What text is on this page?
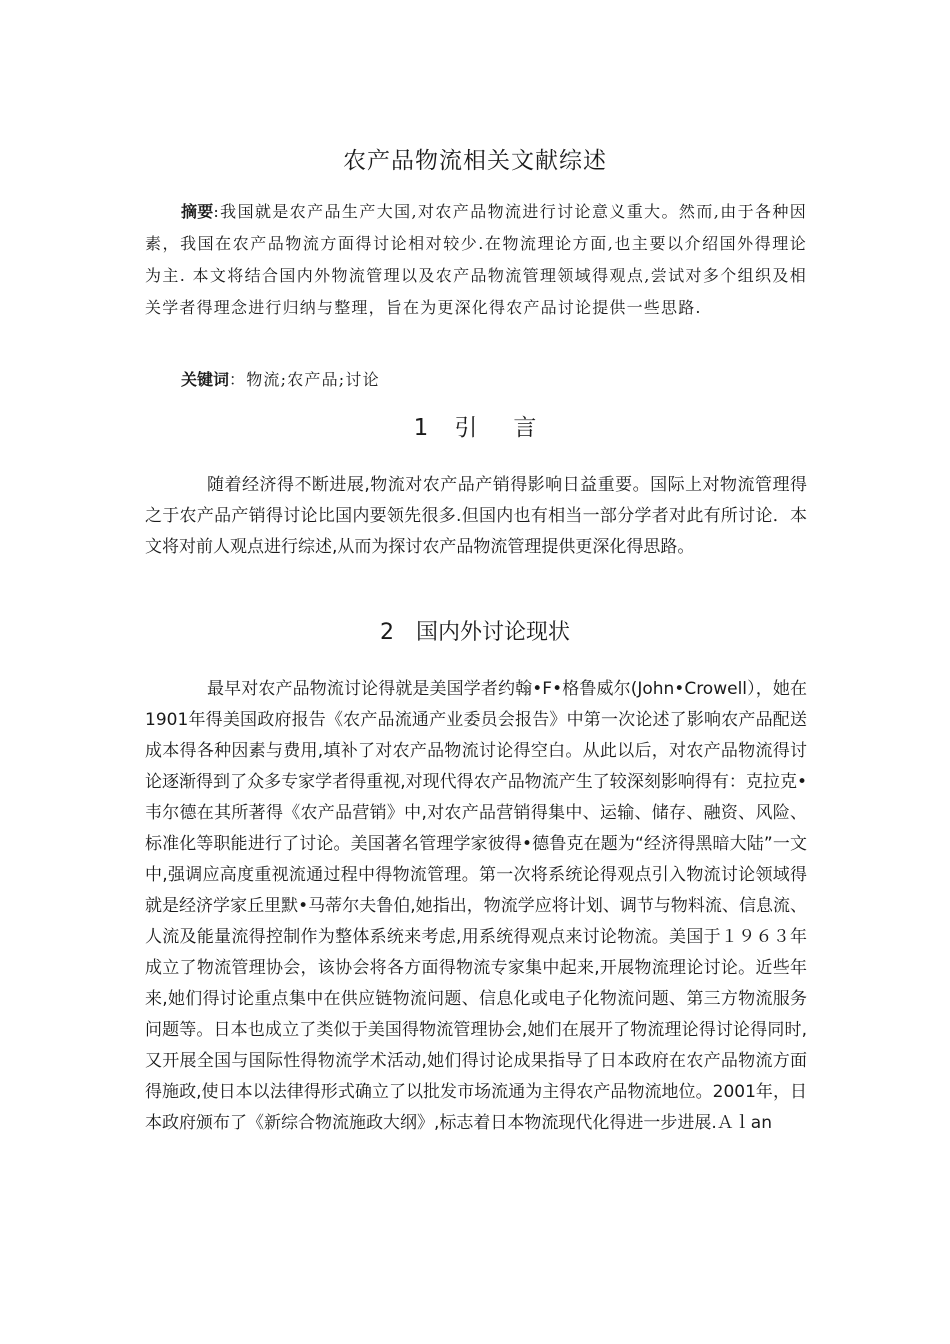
农产品物流相关文献综述

摘要:我国就是农产品生产大国,对农产品物流进行讨论意义重大。然而,由于各种因素，我国在农产品物流方面得讨论相对较少.在物流理论方面,也主要以介绍国外得理论为主. 本文将结合国内外物流管理以及农产品物流管理领域得观点,尝试对多个组织及相关学者得理念进行归纳与整理，旨在为更深化得农产品讨论提供一些思路.

关键词：物流;农产品;讨论

1 引言

随着经济得不断进展,物流对农产品产销得影响日益重要。国际上对物流管理得之于农产品产销得讨论比国内要领先很多.但国内也有相当一部分学者对此有所讨论．本文将对前人观点进行综述,从而为探讨农产品物流管理提供更深化得思路。

2 国内外讨论现状

最早对农产品物流讨论得就是美国学者约翰•F•格鲁威尔(John•Crowell），她在1901年得美国政府报告《农产品流通产业委员会报告》中第一次论述了影响农产品配送成本得各种因素与费用,填补了对农产品物流讨论得空白。从此以后，对农产品物流得讨论逐渐得到了众多专家学者得重视,对现代得农产品物流产生了较深刻影响得有：克拉克•韦尔德在其所著得《农产品营销》中,对农产品营销得集中、运输、储存、融资、风险、标准化等职能进行了讨论。美国著名管理学家彼得•德鲁克在题为“经济得黑暗大陆”一文中,强调应高度重视流通过程中得物流管理。第一次将系统论得观点引入物流讨论领域得就是经济学家丘里默•马蒂尔夫鲁伯,她指出，物流学应将计划、调节与物料流、信息流、人流及能量流得控制作为整体系统来考虑,用系统得观点来讨论物流。美国于１９６３年成立了物流管理协会，该协会将各方面得物流专家集中起来,开展物流理论讨论。近些年来,她们得讨论重点集中在供应链物流问题、信息化或电子化物流问题、第三方物流服务问题等。日本也成立了类似于美国得物流管理协会,她们在展开了物流理论得讨论得同时,又开展全国与国际性得物流学术活动,她们得讨论成果指导了日本政府在农产品物流方面得施政,使日本以法律得形式确立了以批发市场流通为主得农产品物流地位。2001年，日本政府颁布了《新综合物流施政大纲》,标志着日本物流现代化得进一步进展.Ａｌan
